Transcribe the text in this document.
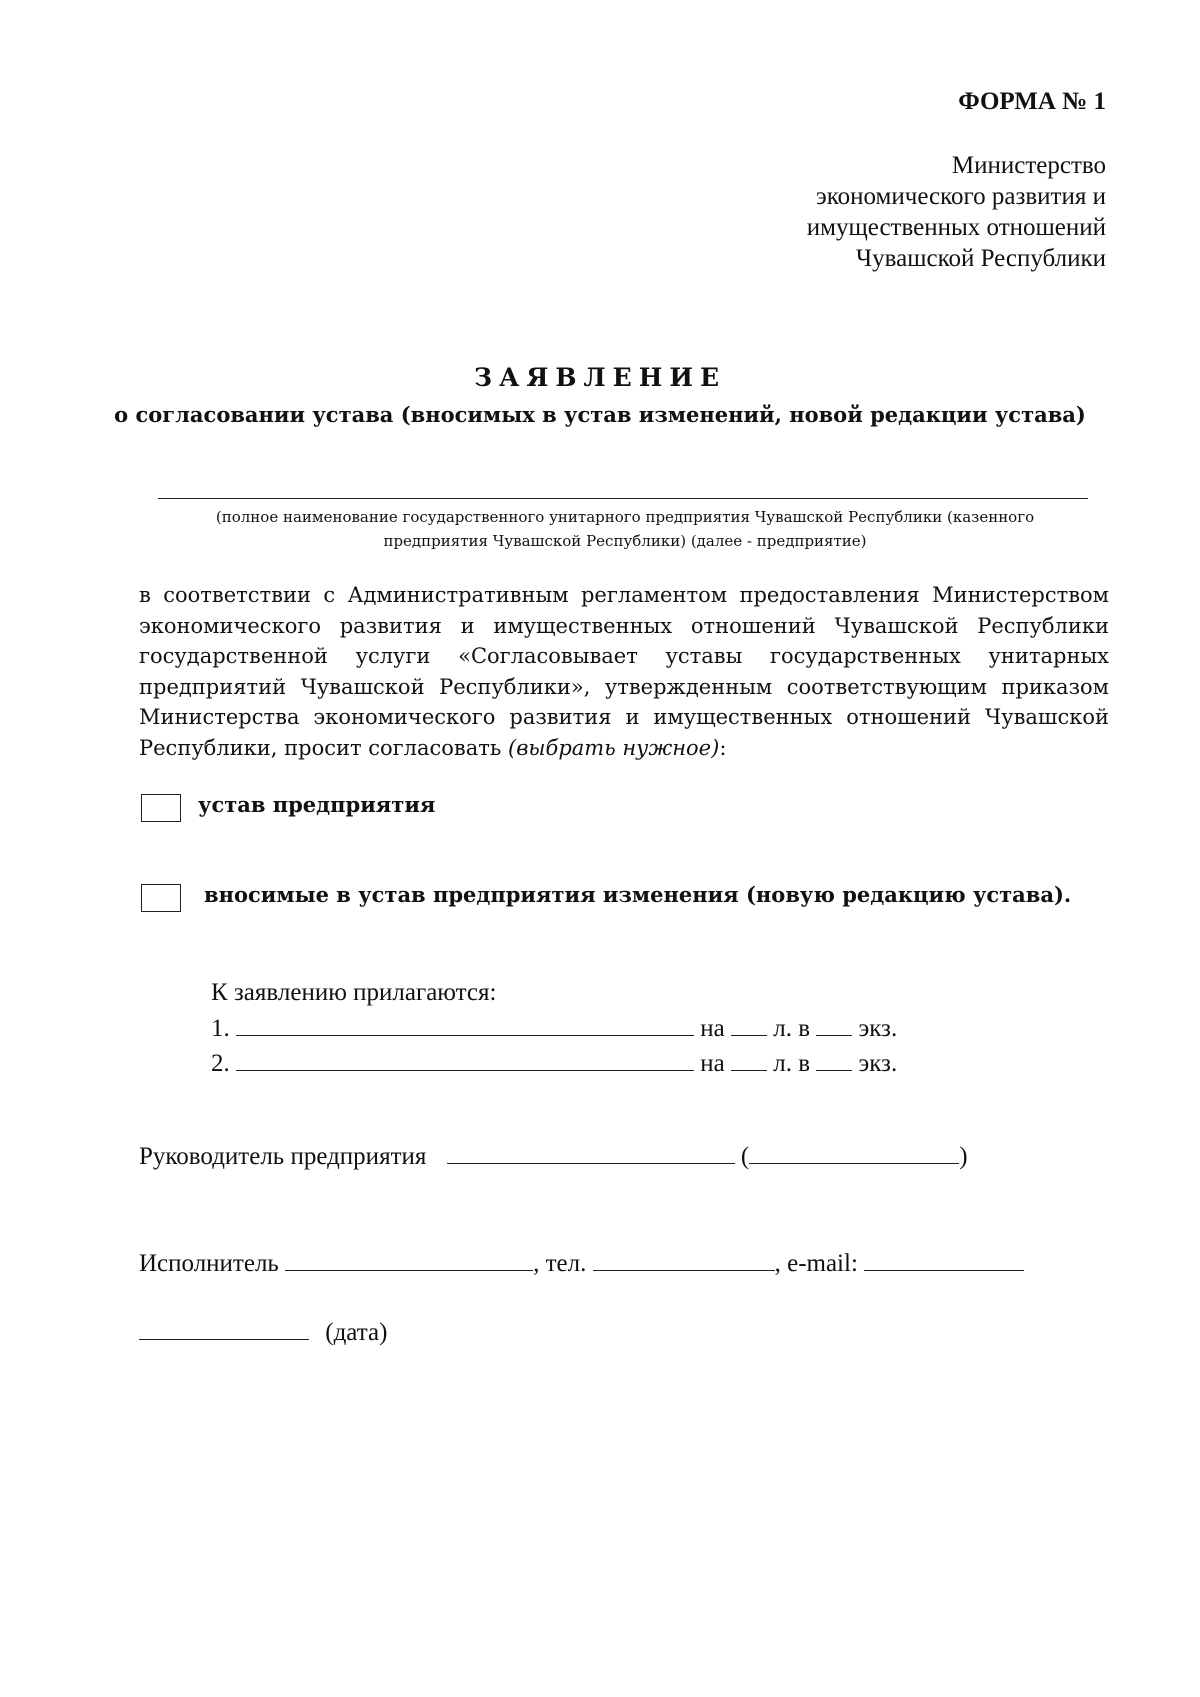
ФОРМА № 1
Министерство
экономического развития и
имущественных отношений
Чувашской Республики
ЗАЯВЛЕНИЕ
о согласовании устава (вносимых в устав изменений, новой редакции устава)
(полное наименование государственного унитарного предприятия Чувашской Республики (казенного
предприятия Чувашской Республики) (далее - предприятие)
в соответствии с Административным регламентом предоставления Министерством экономического развития и имущественных отношений Чувашской Республики государственной услуги «Согласовывает уставы государственных унитарных предприятий Чувашской Республики», утвержденным соответствующим приказом Министерства экономического развития и имущественных отношений Чувашской Республики, просит согласовать (выбрать нужное):
устав предприятия
вносимые в устав предприятия изменения (новую редакцию устава).
К заявлению прилагаются:
1.	на л. в экз.
2.	на л. в экз.
Руководитель предприятия	(	)
Исполнитель	, тел.	, e-mail:
(дата)
